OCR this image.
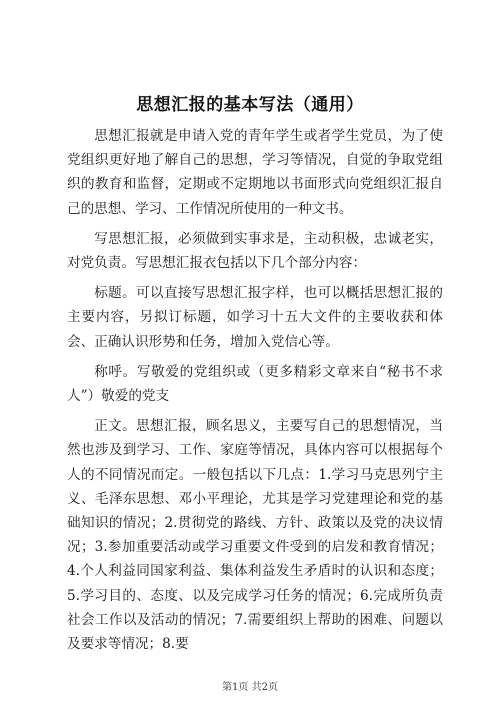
思想汇报的基本写法（通用）

思想汇报就是申请入党的青年学生或者学生党员，为了使党组织更好地了解自己的思想，学习等情况，自觉的争取党组织的教育和监督，定期或不定期地以书面形式向党组织汇报自己的思想、学习、工作情况所使用的一种文书。

写思想汇报，必须做到实事求是，主动积极，忠诚老实，对党负责。写思想汇报衣包括以下几个部分内容：

标题。可以直接写思想汇报字样，也可以概括思想汇报的主要内容，另拟订标题，如学习十五大文件的主要收获和体会、正确认识形势和任务，增加入党信心等。

称呼。写敬爱的党组织或（更多精彩文章来自“秘书不求人”）敬爱的党支

正文。思想汇报，顾名思义，主要写自己的思想情况，当然也涉及到学习、工作、家庭等情况，具体内容可以根据每个人的不同情况而定。一般包括以下几点：1.学习马克思列宁主义、毛泽东思想、邓小平理论，尤其是学习党建理论和党的基础知识的情况；2.贯彻党的路线、方针、政策以及党的决议情况；3.参加重要活动或学习重要文件受到的启发和教育情况；4.个人利益同国家利益、集体利益发生矛盾时的认识和态度；5.学习目的、态度、以及完成学习任务的情况；6.完成所负责社会工作以及活动的情况；7.需要组织上帮助的困难、问题以及要求等情况；8.要

第1页 共2页
